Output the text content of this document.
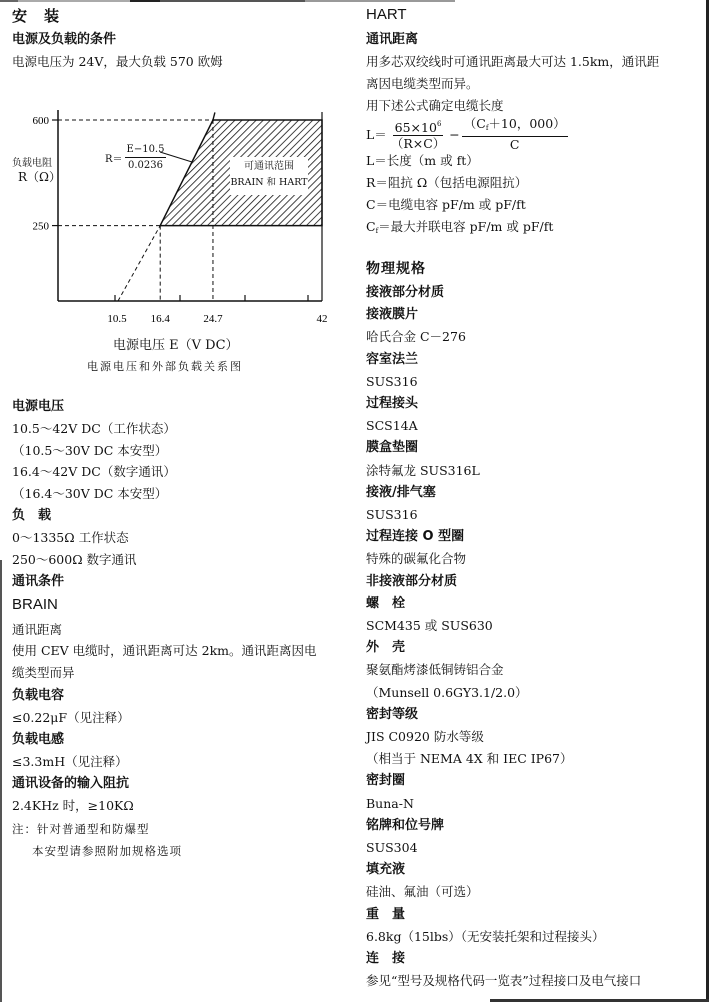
安　装
电源及负载的条件
电源电压为 24V，最大负载 570 欧姆
电源电压
10.5～42V DC（工作状态）
（10.5～30V DC 本安型）
16.4～42V DC（数字通讯）
（16.4～30V DC 本安型）
负　载
0～1335Ω 工作状态
250～600Ω 数字通讯
通讯条件
BRAIN
通讯距离
使用 CEV 电缆时，通讯距离可达 2km。通讯距离因电
缆类型而异
负载电容
≤0.22μF（见注释）
负载电感
≤3.3mH（见注释）
通讯设备的输入阻抗
2.4KHz 时，≥10KΩ
注：针对普通型和防爆型
本安型请参照附加规格选项
250
600
10.5 16.4	24.7	42
负载电阻
R（Ω）
$R= \frac{E-10.5}{0.0236}$	可通讯范围
BRAIN 和 HART
电源电压 E（V DC）
电源电压和外部负载关系图
HART
通讯距离
用多芯双绞线时可通讯距离最大可达 1.5km，通讯距
离因电缆类型而异。
用下述公式确定电缆长度
$L= \frac{65\times 10^6}{(R\times C)} - \frac{(C_f+10,000)}{C}$
L＝长度（m 或 ft）
R＝阻抗 Ω（包括电源阻抗）
C＝电缆电容 pF/m 或 pF/ft
$C_f=$最大并联电容 pF/m 或 pF/ft
物理规格
接液部分材质
接液膜片
哈氏合金 C－276
容室法兰
SUS316
过程接头
SCS14A
膜盒垫圈
涂特氟龙 SUS316L
接液/排气塞
SUS316
过程连接 O 型圈
特殊的碳氟化合物
非接液部分材质
螺　栓
SCM435 或 SUS630
外　壳
聚氨酯烤漆低铜铸铝合金
（Munsell 0.6GY3.1/2.0）
密封等级
JIS C0920 防水等级
（相当于 NEMA 4X 和 IEC IP67）
密封圈
Buna-N
铭牌和位号牌
SUS304
填充液
硅油、氟油（可选）
重　量
6.8kg（15lbs）（无安装托架和过程接头）
连　接
参见“型号及规格代码一览表”过程接口及电气接口
